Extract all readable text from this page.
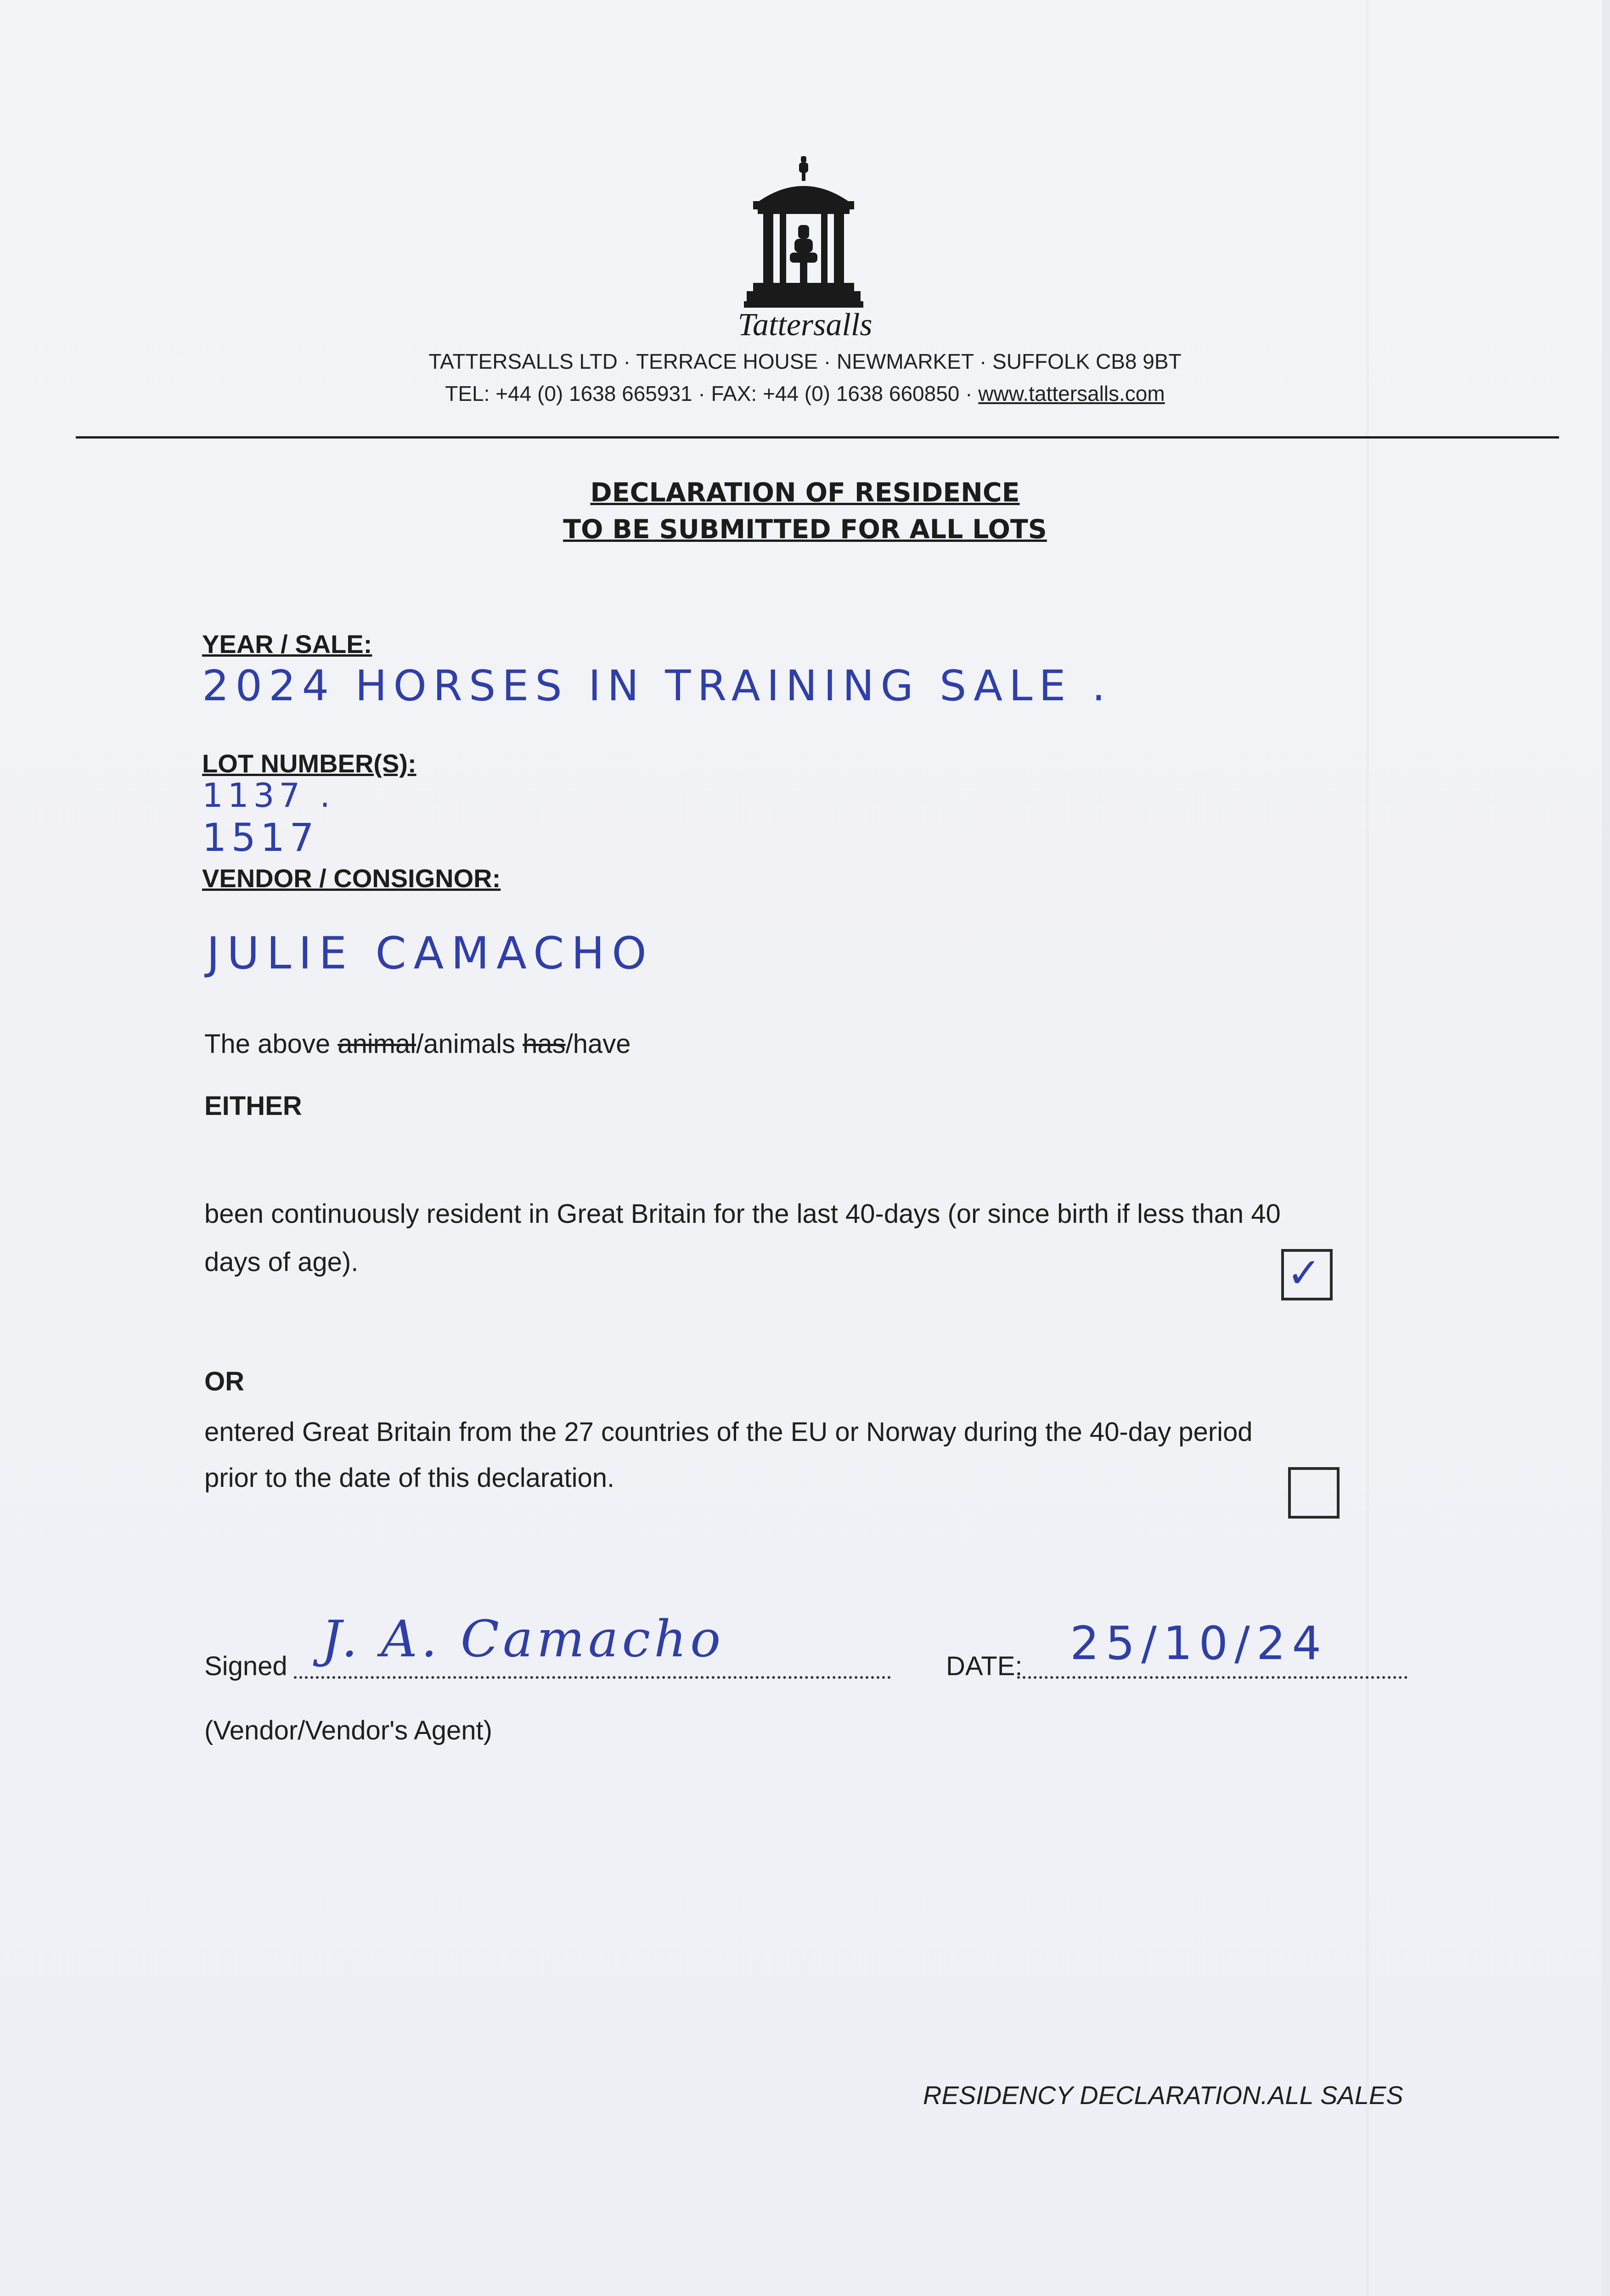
Tattersalls
TATTERSALLS LTD · TERRACE HOUSE · NEWMARKET · SUFFOLK CB8 9BT
TEL: +44 (0) 1638 665931 · FAX: +44 (0) 1638 660850 · www.tattersalls.com
DECLARATION OF RESIDENCE
TO BE SUBMITTED FOR ALL LOTS
YEAR / SALE:
2024 HORSES IN TRAINING SALE .
LOT NUMBER(S):
1137 .
1517
VENDOR / CONSIGNOR:
JULIE CAMACHO
The above animal/animals has/have
EITHER
been continuously resident in Great Britain for the last 40-days (or since birth if less than 40
days of age).	✓
OR
entered Great Britain from the 27 countries of the EU or Norway during the 40-day period
prior to the date of this declaration.
Signed J. A. Camacho	DATE: 25/10/24
(Vendor/Vendor's Agent)
RESIDENCY DECLARATION.ALL SALES
